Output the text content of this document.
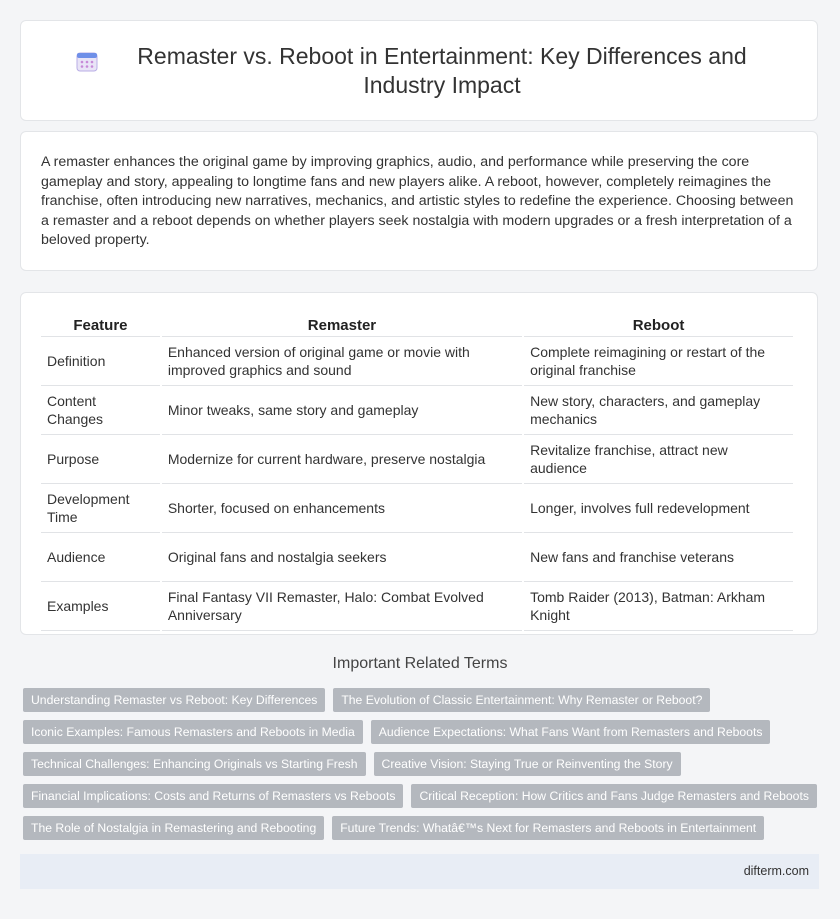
Remaster vs. Reboot in Entertainment: Key Differences and Industry Impact

A remaster enhances the original game by improving graphics, audio, and performance while preserving the core gameplay and story, appealing to longtime fans and new players alike. A reboot, however, completely reimagines the franchise, often introducing new narratives, mechanics, and artistic styles to redefine the experience. Choosing between a remaster and a reboot depends on whether players seek nostalgia with modern upgrades or a fresh interpretation of a beloved property.

Feature	Remaster	Reboot
Definition	Enhanced version of original game or movie with improved graphics and sound	Complete reimagining or restart of the original franchise
Content Changes	Minor tweaks, same story and gameplay	New story, characters, and gameplay mechanics
Purpose	Modernize for current hardware, preserve nostalgia	Revitalize franchise, attract new audience
Development Time	Shorter, focused on enhancements	Longer, involves full redevelopment
Audience	Original fans and nostalgia seekers	New fans and franchise veterans
Examples	Final Fantasy VII Remaster, Halo: Combat Evolved Anniversary	Tomb Raider (2013), Batman: Arkham Knight
Important Related Terms
Understanding Remaster vs Reboot: Key Differences	The Evolution of Classic Entertainment: Why Remaster or Reboot?
Iconic Examples: Famous Remasters and Reboots in Media	Audience Expectations: What Fans Want from Remasters and Reboots
Technical Challenges: Enhancing Originals vs Starting Fresh	Creative Vision: Staying True or Reinventing the Story
Financial Implications: Costs and Returns of Remasters vs Reboots	Critical Reception: How Critics and Fans Judge Remasters and Reboots
The Role of Nostalgia in Remastering and Rebooting	Future Trends: Whatâ€™s Next for Remasters and Reboots in Entertainment
difterm.com
